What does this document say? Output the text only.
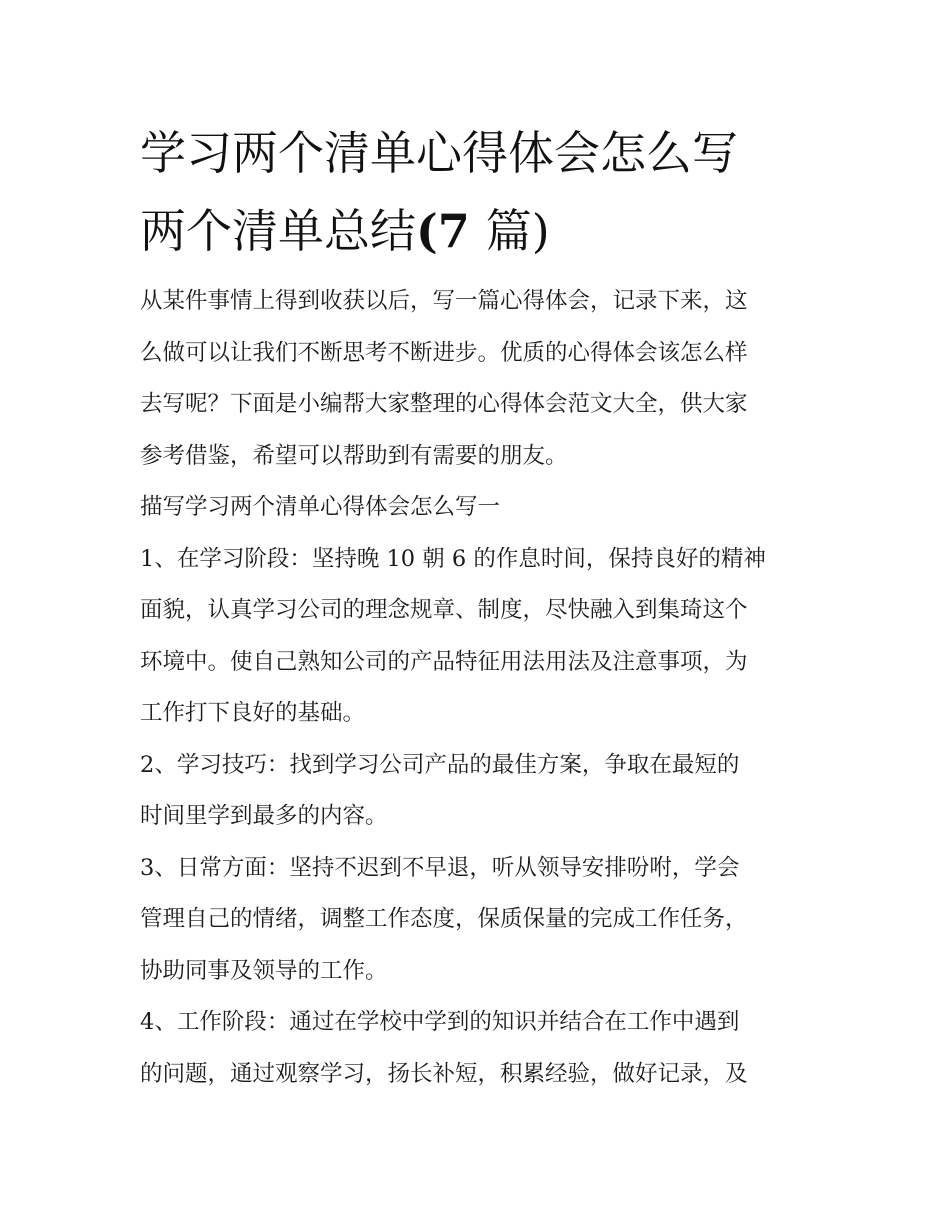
学习两个清单心得体会怎么写
两个清单总结(7 篇)

从某件事情上得到收获以后，写一篇心得体会，记录下来，这
么做可以让我们不断思考不断进步。优质的心得体会该怎么样
去写呢？下面是小编帮大家整理的心得体会范文大全，供大家
参考借鉴，希望可以帮助到有需要的朋友。

描写学习两个清单心得体会怎么写一

1、在学习阶段：坚持晚 10 朝 6 的作息时间，保持良好的精神
面貌，认真学习公司的理念规章、制度，尽快融入到集琦这个
环境中。使自己熟知公司的产品特征用法用法及注意事项，为
工作打下良好的基础。

2、学习技巧：找到学习公司产品的最佳方案，争取在最短的
时间里学到最多的内容。

3、日常方面：坚持不迟到不早退，听从领导安排吩咐，学会
管理自己的情绪，调整工作态度，保质保量的完成工作任务，
协助同事及领导的工作。

4、工作阶段：通过在学校中学到的知识并结合在工作中遇到
的问题，通过观察学习，扬长补短，积累经验，做好记录，及
